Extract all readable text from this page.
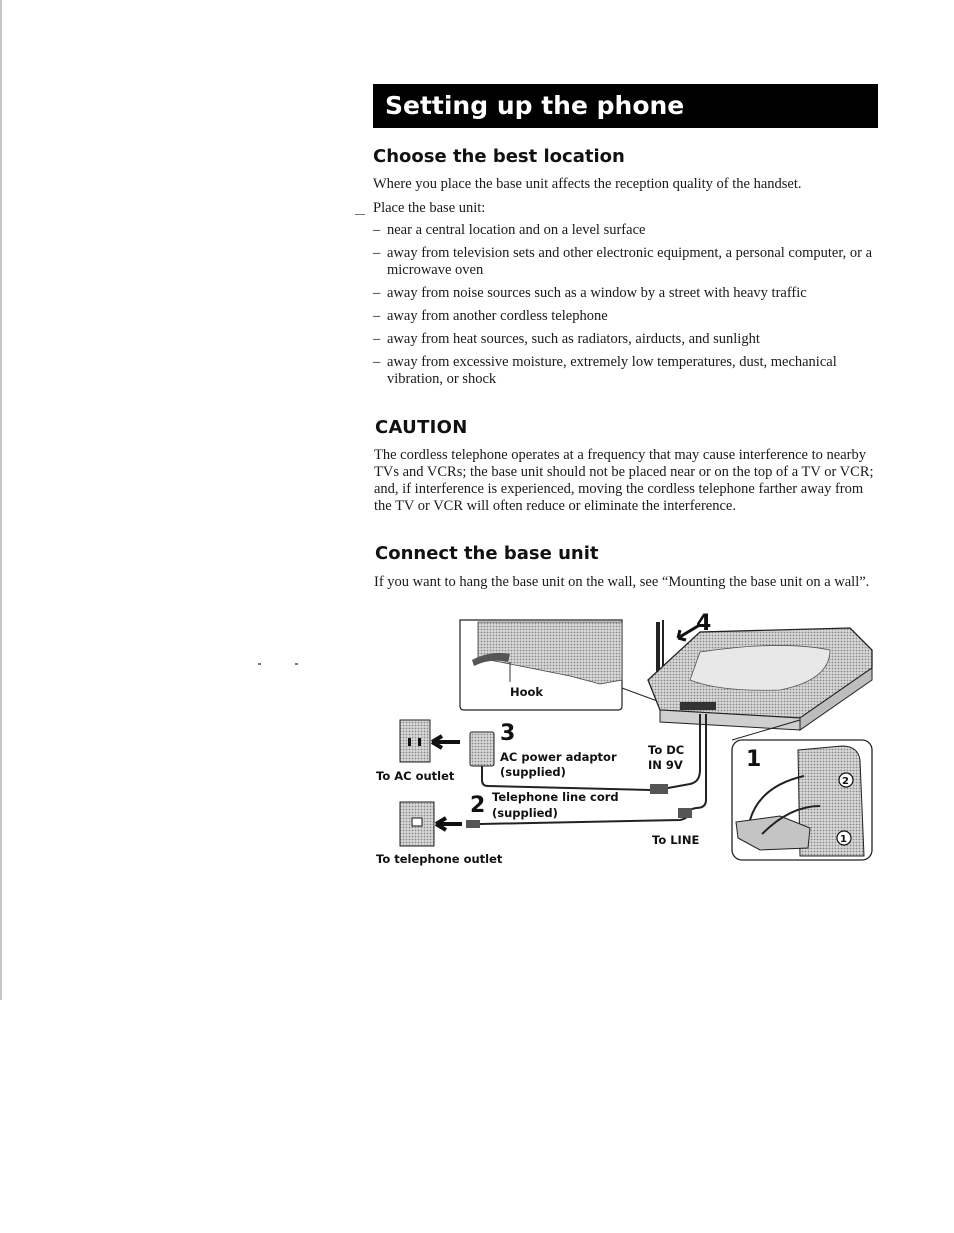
Setting up the phone
Choose the best location

Where you place the base unit affects the reception quality of the handset.

Place the base unit:

– near a central location and on a level surface
– away from television sets and other electronic equipment, a personal computer, or a microwave oven
– away from noise sources such as a window by a street with heavy traffic
– away from another cordless telephone
– away from heat sources, such as radiators, airducts, and sunlight
– away from excessive moisture, extremely low temperatures, dust, mechanical vibration, or shock
CAUTION

The cordless telephone operates at a frequency that may cause interference to nearby TVs and VCRs; the base unit should not be placed near or on the top of a TV or VCR; and, if interference is experienced, moving the cordless telephone farther away from the TV or VCR will often reduce or eliminate the interference.

Connect the base unit

If you want to hang the base unit on the wall, see “Mounting the base unit on a wall”.

Hook
4
To AC outlet
3
AC power adaptor
(supplied)
To DC
IN 9V
To telephone outlet
2 Telephone line cord
(supplied)
To LINE
1
2
1
